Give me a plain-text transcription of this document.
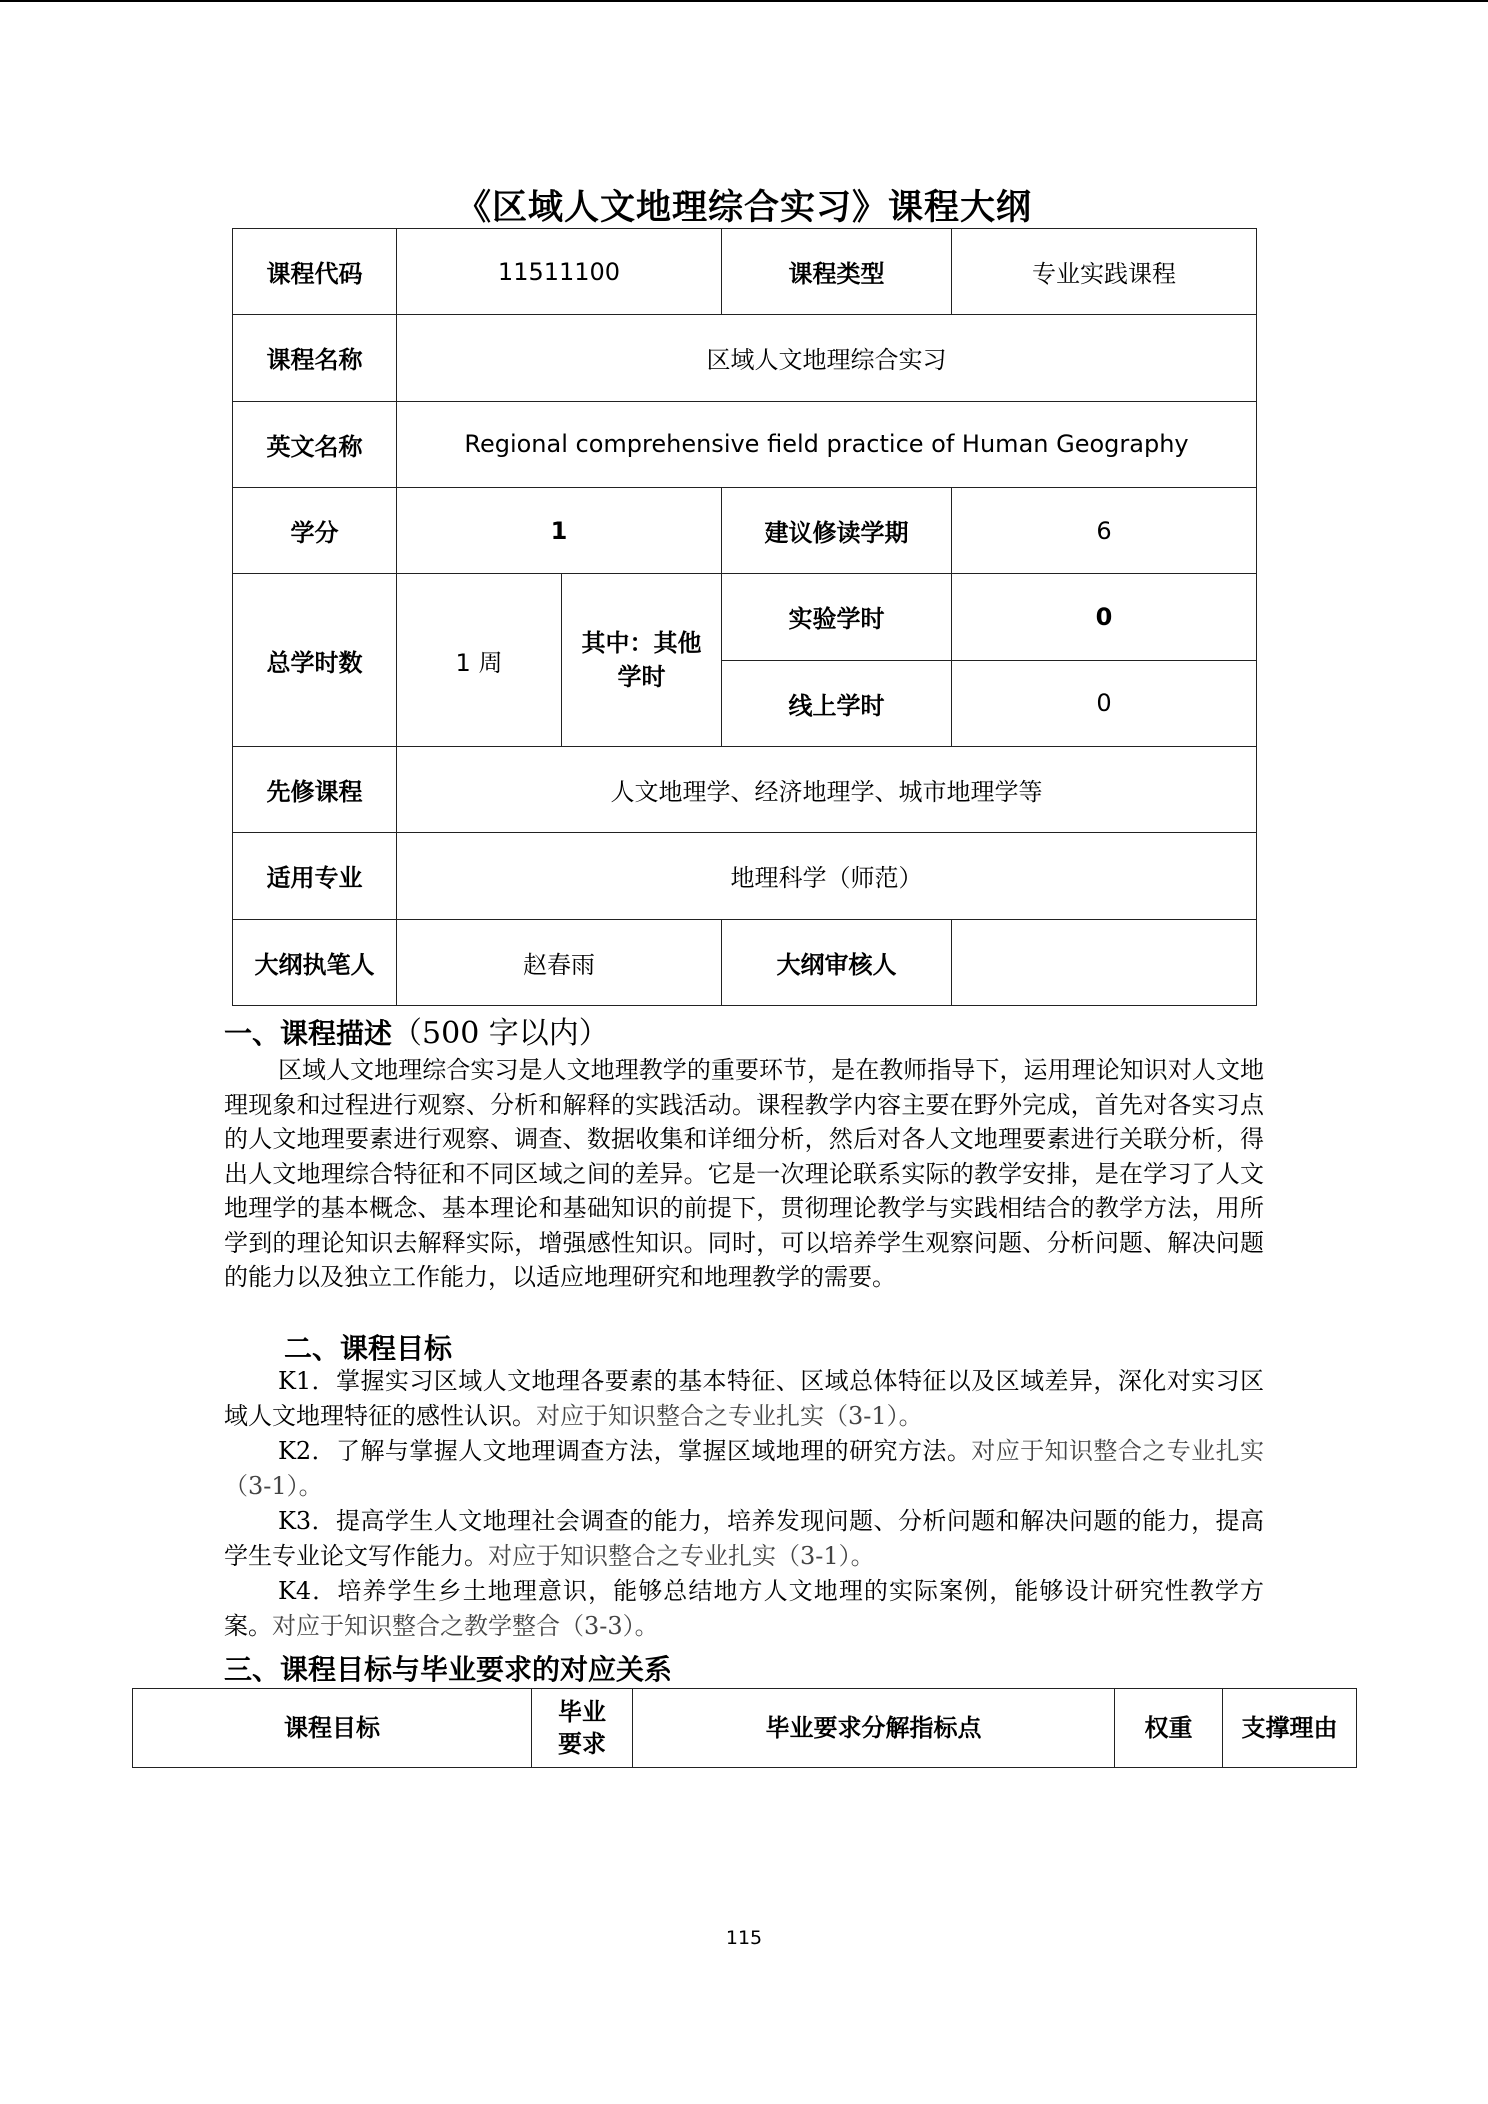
《区域人文地理综合实习》课程大纲
课程代码	11511100		课程类型	专业实践课程
课程名称	区域人文地理综合实习			
英文名称	Regional comprehensive field practice of Human Geography			
学分	1		建议修读学期	6
总学时数	1 周	其中：其他学时	实验学时	0
			线上学时	0
先修课程	人文地理学、经济地理学、城市地理学等			
适用专业	地理科学（师范）			
大纲执笔人	赵春雨		大纲审核人	
一、课程描述（500 字以内）
区域人文地理综合实习是人文地理教学的重要环节，是在教师指导下，运用理论知识对人文地理现象和过程进行观察、分析和解释的实践活动。课程教学内容主要在野外完成，首先对各实习点的人文地理要素进行观察、调查、数据收集和详细分析，然后对各人文地理要素进行关联分析，得出人文地理综合特征和不同区域之间的差异。它是一次理论联系实际的教学安排，是在学习了人文地理学的基本概念、基本理论和基础知识的前提下，贯彻理论教学与实践相结合的教学方法，用所学到的理论知识去解释实际，增强感性知识。同时，可以培养学生观察问题、分析问题、解决问题的能力以及独立工作能力，以适应地理研究和地理教学的需要。
二、课程目标
K1．掌握实习区域人文地理各要素的基本特征、区域总体特征以及区域差异，深化对实习区域人文地理特征的感性认识。对应于知识整合之专业扎实（3-1）。
K2．了解与掌握人文地理调查方法，掌握区域地理的研究方法。对应于知识整合之专业扎实（3-1）。
K3．提高学生人文地理社会调查的能力，培养发现问题、分析问题和解决问题的能力，提高学生专业论文写作能力。对应于知识整合之专业扎实（3-1）。
K4．培养学生乡土地理意识，能够总结地方人文地理的实际案例，能够设计研究性教学方案。对应于知识整合之教学整合（3-3）。
三、课程目标与毕业要求的对应关系
课程目标	毕业要求	毕业要求分解指标点	权重	支撑理由
115
